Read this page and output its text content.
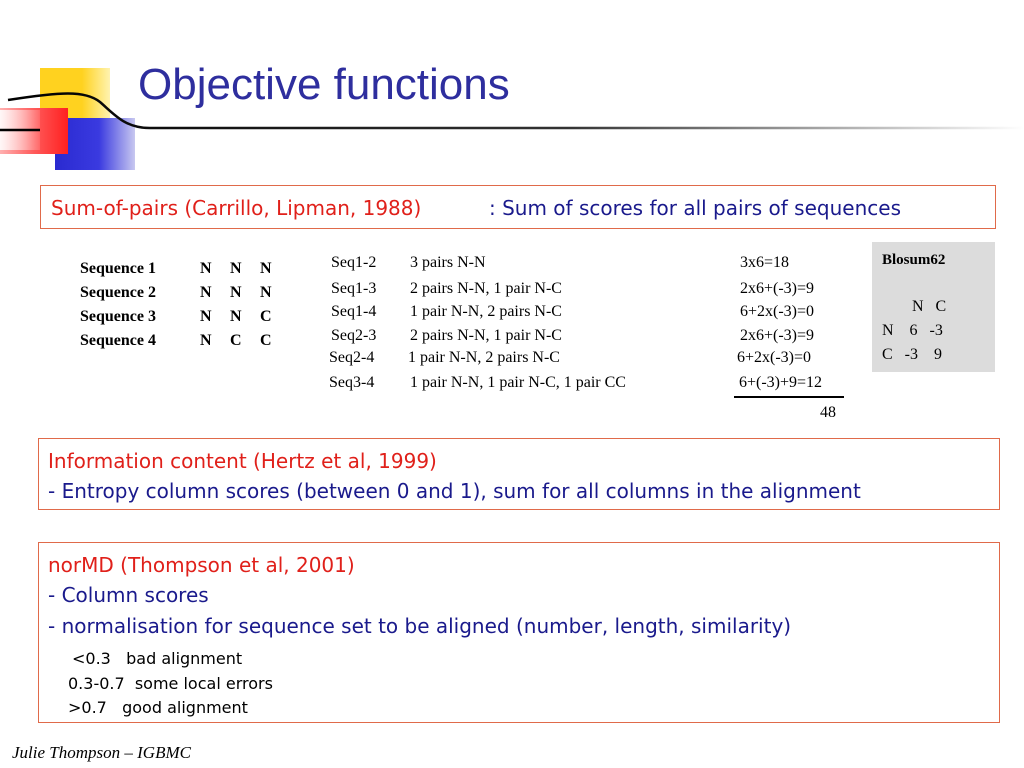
Objective functions
Sum-of-pairs (Carrillo, Lipman, 1988)	: Sum of scores for all pairs of sequences
Sequence 1	N N N
Sequence 2	N N N
Sequence 3	N N C
Sequence 4	N C C
Seq1-2 3 pairs N-N	3x6=18
Seq1-3 2 pairs N-N, 1 pair N-C	2x6+(-3)=9
Seq1-4 1 pair N-N, 2 pairs N-C	6+2x(-3)=0
Seq2-3 2 pairs N-N, 1 pair N-C	2x6+(-3)=9
Seq2-4 1 pair N-N, 2 pairs N-C	6+2x(-3)=0
Seq3-4 1 pair N-N, 1 pair N-C, 1 pair CC	6+(-3)+9=12
48
Blosum62
N   C
N    6   -3
C   -3    9
Information content (Hertz et al, 1999)
- Entropy column scores (between 0 and 1), sum for all columns in the alignment
norMD (Thompson et al, 2001)
- Column scores
- normalisation for sequence set to be aligned (number, length, similarity)
<0.3   bad alignment
0.3-0.7  some local errors
>0.7   good alignment
Julie Thompson – IGBMC
